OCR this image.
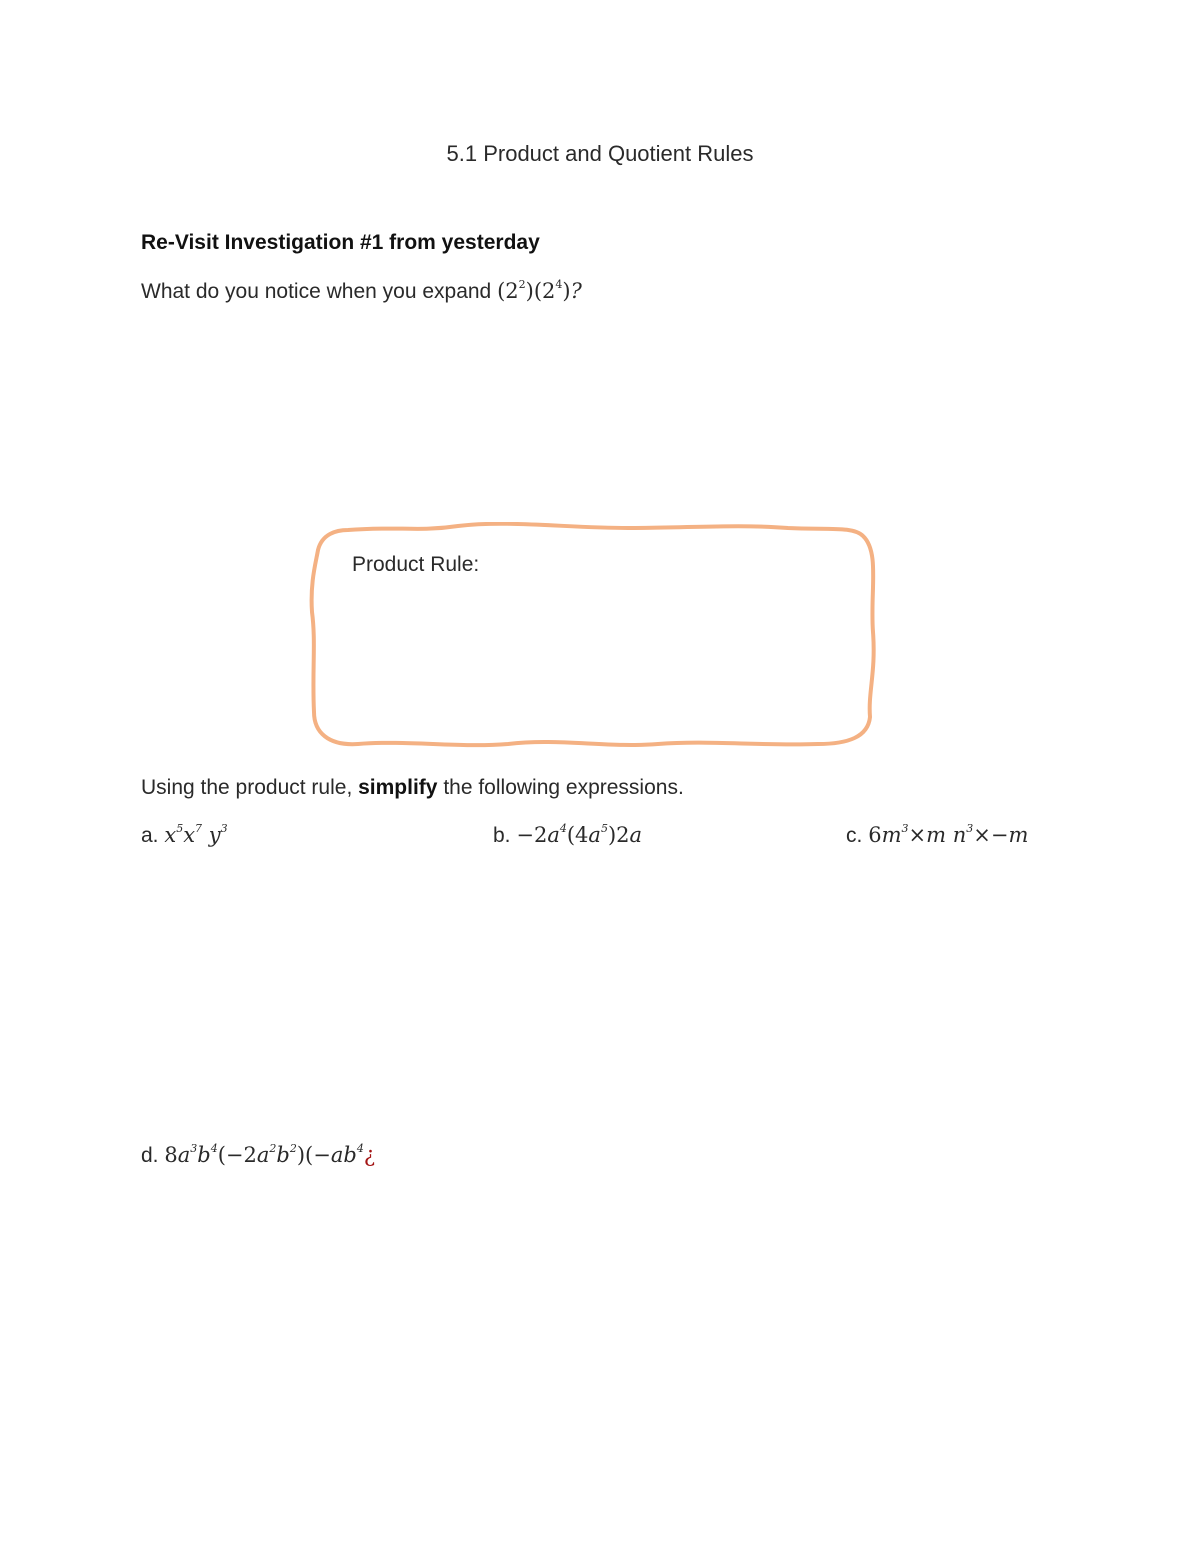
5.1 Product and Quotient Rules
Re-Visit Investigation #1 from yesterday
What do you notice when you expand $(2^2)(2^4)$?
Product Rule:
Using the product rule, simplify the following expressions.
a. $x^5x^7$ $y^3$	b. $-2a^4(4a^5)2a$	c. $6m^3\times m$ $n^3\times-m$
d. $8a^3b^4(-2a^2b^2)(-ab^4¿$
